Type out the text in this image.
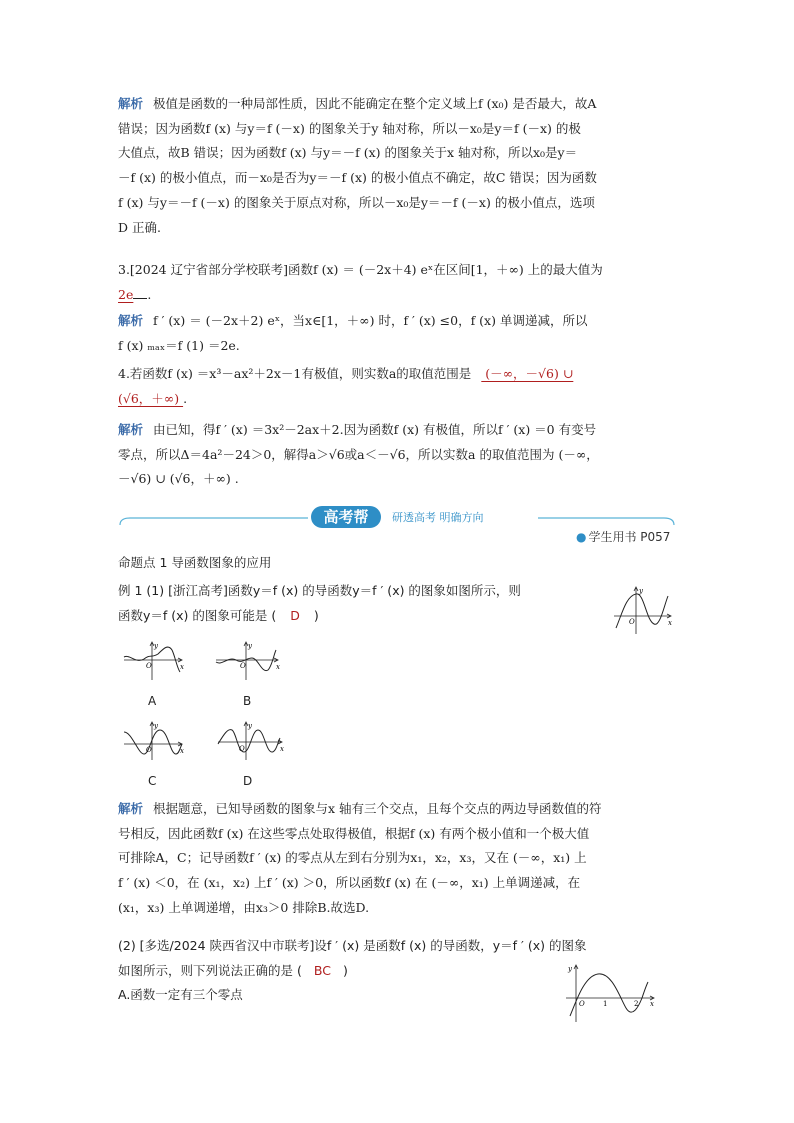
解析 极值是函数的一种局部性质，因此不能确定在整个定义域上f (x₀) 是否最大，故A
错误；因为函数f (x) 与y＝f (－x) 的图象关于y 轴对称，所以－x₀是y＝f (－x) 的极
大值点，故B 错误；因为函数f (x) 与y＝－f (x) 的图象关于x 轴对称，所以x₀是y＝
－f (x) 的极小值点，而－x₀是否为y＝－f (x) 的极小值点不确定，故C 错误；因为函数
f (x) 与y＝－f (－x) 的图象关于原点对称，所以－x₀是y＝－f (－x) 的极小值点，选项
D 正确.
3.[2024 辽宁省部分学校联考]函数f (x) ＝ (－2x＋4) eˣ在区间[1，＋∞) 上的最大值为
2e .
解析 f ′ (x) ＝ (－2x＋2) eˣ，当x∈[1，＋∞) 时，f ′ (x) ≤0，f (x) 单调递减，所以
f (x) ₘₐₓ＝f (1) ＝2e.
4.若函数f (x) ＝x³－ax²＋2x－1有极值，则实数a的取值范围是 (－∞，－√6) ∪
(√6，＋∞) .
解析 由已知，得f ′ (x) ＝3x²－2ax＋2.因为函数f (x) 有极值，所以f ′ (x) ＝0 有变号
零点，所以Δ＝4a²－24＞0，解得a＞√6或a＜－√6，所以实数a 的取值范围为 (－∞，
－√6) ∪ (√6，＋∞) .
高考帮	研透高考 明确方向
● 学生用书 P057
命题点 1 导函数图象的应用
例 1 (1) [浙江高考]函数y＝f (x) 的导函数y＝f ′ (x) 的图象如图所示，则
函数y＝f (x) 的图象可能是 ( D )
y
x
O
y
x
O
y
x
O
y
x
O
y
x
O
A	B
C	D
解析 根据题意，已知导函数的图象与x 轴有三个交点，且每个交点的两边导函数值的符
号相反，因此函数f (x) 在这些零点处取得极值，根据f (x) 有两个极小值和一个极大值
可排除A，C；记导函数f ′ (x) 的零点从左到右分别为x₁，x₂，x₃，又在 (－∞，x₁) 上
f ′ (x) ＜0，在 (x₁，x₂) 上f ′ (x) ＞0，所以函数f (x) 在 (－∞，x₁) 上单调递减，在
(x₁，x₃) 上单调递增，由x₃＞0 排除B.故选D.
(2) [多选/2024 陕西省汉中市联考]设f ′ (x) 是函数f (x) 的导函数，y＝f ′ (x) 的图象
如图所示，则下列说法正确的是 ( BC )
A.函数一定有三个零点
y
x
O	1	2
